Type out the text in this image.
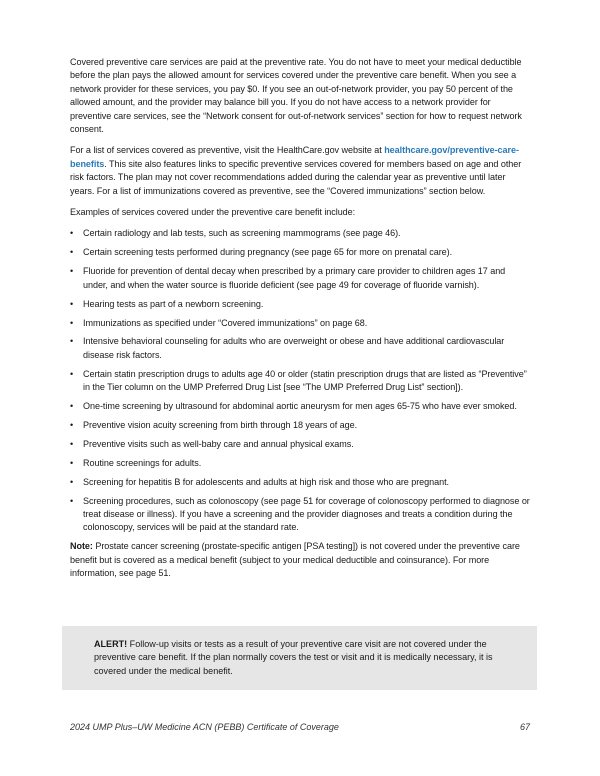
Covered preventive care services are paid at the preventive rate. You do not have to meet your medical deductible before the plan pays the allowed amount for services covered under the preventive care benefit. When you see a network provider for these services, you pay $0. If you see an out-of-network provider, you pay 50 percent of the allowed amount, and the provider may balance bill you. If you do not have access to a network provider for preventive care services, see the “Network consent for out-of-network services” section for how to request network consent.

For a list of services covered as preventive, visit the HealthCare.gov website at healthcare.gov/preventive-care-benefits. This site also features links to specific preventive services covered for members based on age and other risk factors. The plan may not cover recommendations added during the calendar year as preventive until later years. For a list of immunizations covered as preventive, see the “Covered immunizations” section below.

Examples of services covered under the preventive care benefit include:

• Certain radiology and lab tests, such as screening mammograms (see page 46).
• Certain screening tests performed during pregnancy (see page 65 for more on prenatal care).
• Fluoride for prevention of dental decay when prescribed by a primary care provider to children ages 17 and under, and when the water source is fluoride deficient (see page 49 for coverage of fluoride varnish).
• Hearing tests as part of a newborn screening.
• Immunizations as specified under “Covered immunizations” on page 68.
• Intensive behavioral counseling for adults who are overweight or obese and have additional cardiovascular disease risk factors.
• Certain statin prescription drugs to adults age 40 or older (statin prescription drugs that are listed as “Preventive” in the Tier column on the UMP Preferred Drug List [see “The UMP Preferred Drug List” section]).
• One-time screening by ultrasound for abdominal aortic aneurysm for men ages 65-75 who have ever smoked.
• Preventive vision acuity screening from birth through 18 years of age.
• Preventive visits such as well-baby care and annual physical exams.
• Routine screenings for adults.
• Screening for hepatitis B for adolescents and adults at high risk and those who are pregnant.
• Screening procedures, such as colonoscopy (see page 51 for coverage of colonoscopy performed to diagnose or treat disease or illness). If you have a screening and the provider diagnoses and treats a condition during the colonoscopy, services will be paid at the standard rate.

Note: Prostate cancer screening (prostate-specific antigen [PSA testing]) is not covered under the preventive care benefit but is covered as a medical benefit (subject to your medical deductible and coinsurance). For more information, see page 51.

ALERT! Follow-up visits or tests as a result of your preventive care visit are not covered under the preventive care benefit. If the plan normally covers the test or visit and it is medically necessary, it is covered under the medical benefit.
2024 UMP Plus–UW Medicine ACN (PEBB) Certificate of Coverage	67
